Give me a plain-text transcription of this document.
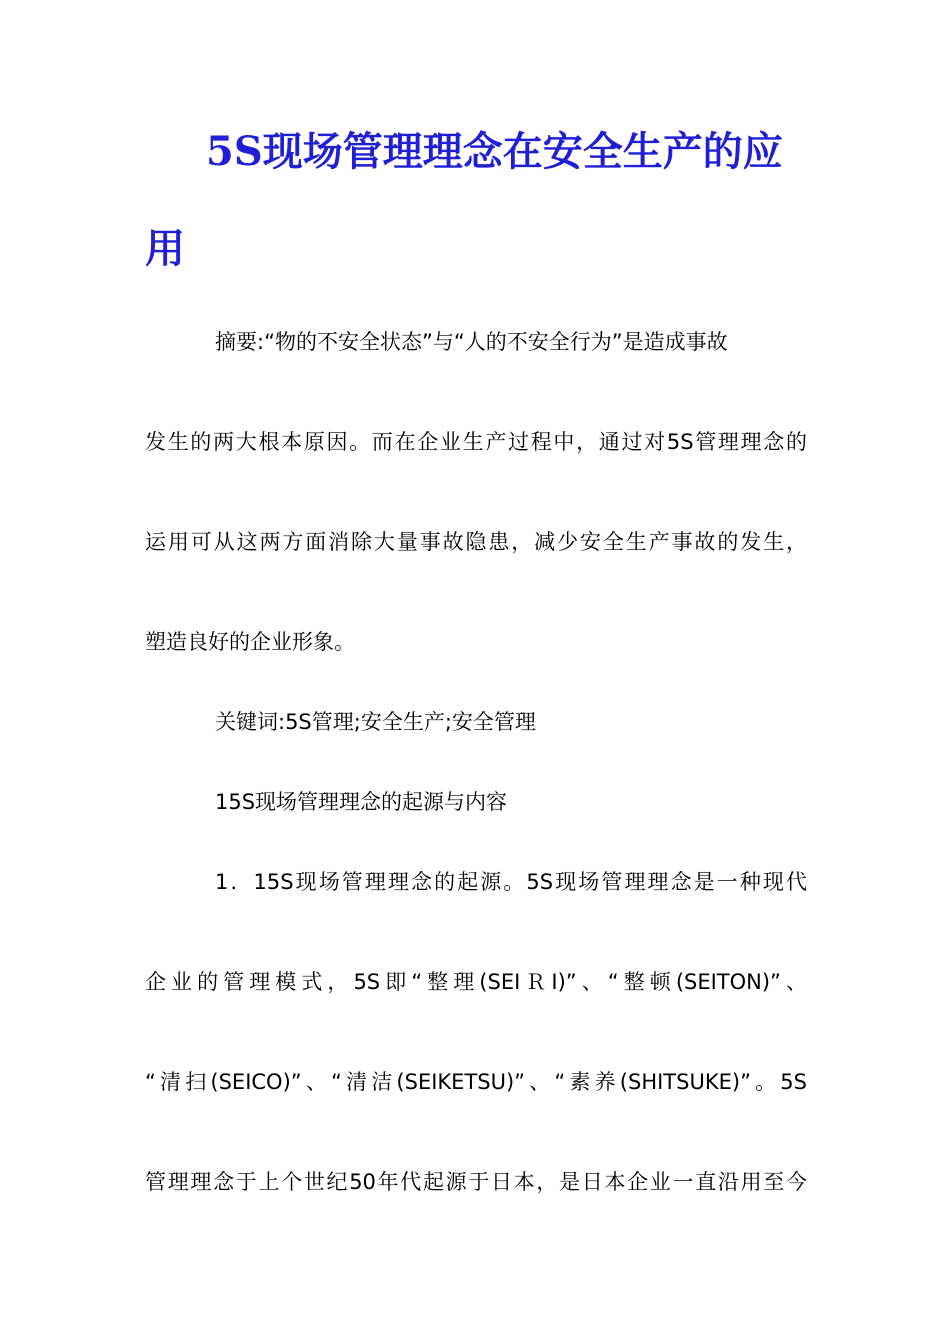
5S现场管理理念在安全生产的应
用

摘要:“物的不安全状态”与“人的不安全行为”是造成事故

发生的两大根本原因。而在企业生产过程中，通过对5S管理理念的

运用可从这两方面消除大量事故隐患，减少安全生产事故的发生，

塑造良好的企业形象。

关键词:5S管理;安全生产;安全管理

15S现场管理理念的起源与内容

1．15S现场管理理念的起源。5S现场管理理念是一种现代

企业的管理模式，5S即“整理(SEIＲI)”、“整顿(SEITON)”、

“清扫(SEICO)”、“清洁(SEIKETSU)”、“素养(SHITSUKE)”。5S

管理理念于上个世纪50年代起源于日本，是日本企业一直沿用至今
